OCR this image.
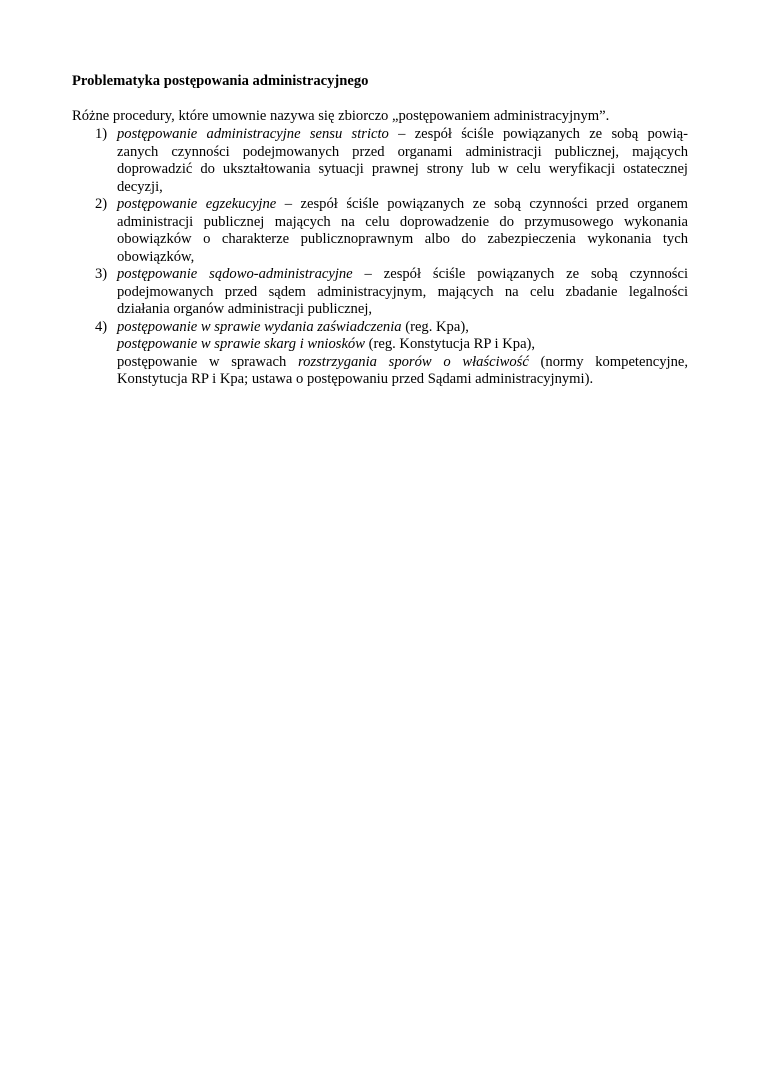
Problematyka postępowania administracyjnego
Różne procedury, które umownie nazywa się zbiorczo „postępowaniem administracyjnym”.
1) postępowanie administracyjne sensu stricto – zespół ściśle powiązanych ze sobą powią-
zanych czynności podejmowanych przed organami administracji publicznej, mających
doprowadzić do ukształtowania sytuacji prawnej strony lub w celu weryfikacji ostatecznej
decyzji,
2) postępowanie egzekucyjne – zespół ściśle powiązanych ze sobą czynności przed organem
administracji publicznej mających na celu doprowadzenie do przymusowego wykonania
obowiązków o charakterze publicznoprawnym albo do zabezpieczenia wykonania tych
obowiązków,
3) postępowanie sądowo-administracyjne – zespół ściśle powiązanych ze sobą czynności
podejmowanych przed sądem administracyjnym, mających na celu zbadanie legalności
działania organów administracji publicznej,
4) postępowanie w sprawie wydania zaświadczenia (reg. Kpa),
postępowanie w sprawie skarg i wniosków (reg. Konstytucja RP i Kpa),
postępowanie w sprawach rozstrzygania sporów o właściwość (normy kompetencyjne,
Konstytucja RP i Kpa; ustawa o postępowaniu przed Sądami administracyjnymi).
